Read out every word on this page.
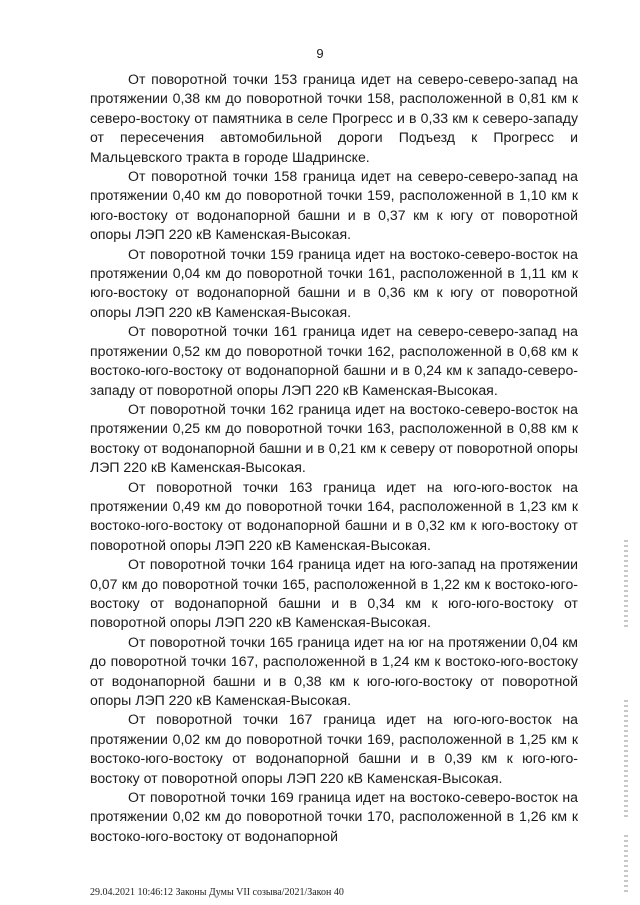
9

От поворотной точки 153 граница идет на северо-северо-запад на протяжении 0,38 км до поворотной точки 158, расположенной в 0,81 км к северо-востоку от памятника в селе Прогресс и в 0,33 км к северо-западу от пересечения автомобильной дороги Подъезд к Прогресс и Мальцевского тракта в городе Шадринске.

От поворотной точки 158 граница идет на северо-северо-запад на протяжении 0,40 км до поворотной точки 159, расположенной в 1,10 км к юго-востоку от водонапорной башни и в 0,37 км к югу от поворотной опоры ЛЭП 220 кВ Каменская-Высокая.

От поворотной точки 159 граница идет на востоко-северо-восток на протяжении 0,04 км до поворотной точки 161, расположенной в 1,11 км к юго-востоку от водонапорной башни и в 0,36 км к югу от поворотной опоры ЛЭП 220 кВ Каменская-Высокая.

От поворотной точки 161 граница идет на северо-северо-запад на протяжении 0,52 км до поворотной точки 162, расположенной в 0,68 км к востоко-юго-востоку от водонапорной башни и в 0,24 км к западо-северо-западу от поворотной опоры ЛЭП 220 кВ Каменская-Высокая.

От поворотной точки 162 граница идет на востоко-северо-восток на протяжении 0,25 км до поворотной точки 163, расположенной в 0,88 км к востоку от водонапорной башни и в 0,21 км к северу от поворотной опоры ЛЭП 220 кВ Каменская-Высокая.

От поворотной точки 163 граница идет на юго-юго-восток на протяжении 0,49 км до поворотной точки 164, расположенной в 1,23 км к востоко-юго-востоку от водонапорной башни и в 0,32 км к юго-востоку от поворотной опоры ЛЭП 220 кВ Каменская-Высокая.

От поворотной точки 164 граница идет на юго-запад на протяжении 0,07 км до поворотной точки 165, расположенной в 1,22 км к востоко-юго-востоку от водонапорной башни и в 0,34 км к юго-юго-востоку от поворотной опоры ЛЭП 220 кВ Каменская-Высокая.

От поворотной точки 165 граница идет на юг на протяжении 0,04 км до поворотной точки 167, расположенной в 1,24 км к востоко-юго-востоку от водонапорной башни и в 0,38 км к юго-юго-востоку от поворотной опоры ЛЭП 220 кВ Каменская-Высокая.

От поворотной точки 167 граница идет на юго-юго-восток на протяжении 0,02 км до поворотной точки 169, расположенной в 1,25 км к востоко-юго-востоку от водонапорной башни и в 0,39 км к юго-юго-востоку от поворотной опоры ЛЭП 220 кВ Каменская-Высокая.

От поворотной точки 169 граница идет на востоко-северо-восток на протяжении 0,02 км до поворотной точки 170, расположенной в 1,26 км к востоко-юго-востоку от водонапорной

29.04.2021 10:46:12 Законы Думы VII созыва/2021/Закон 40
